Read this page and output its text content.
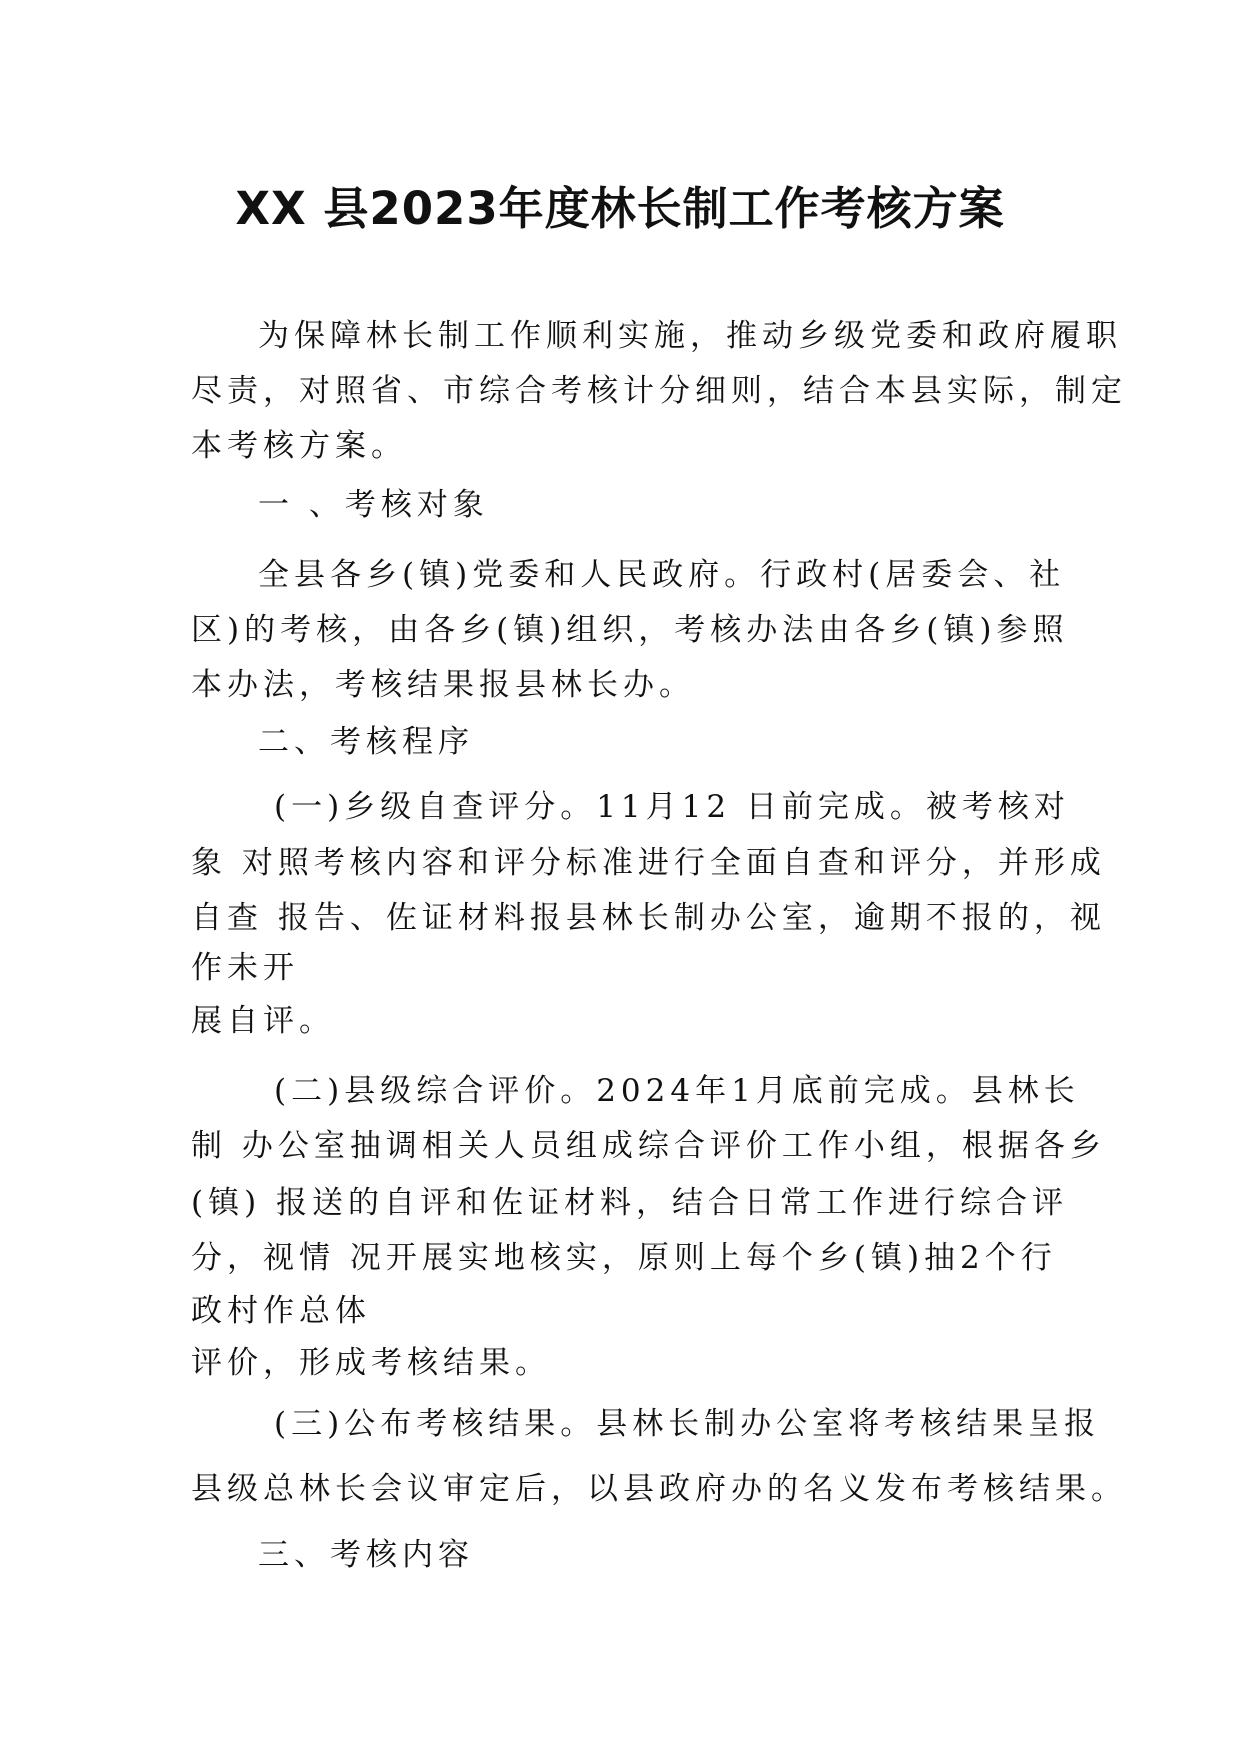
XX 县2023年度林长制工作考核方案

为保障林长制工作顺利实施，推动乡级党委和政府履职

尽责，对照省、市综合考核计分细则，结合本县实际，制定

本考核方案。

一 、考核对象

全县各乡(镇)党委和人民政府。行政村(居委会、社

区)的考核，由各乡(镇)组织，考核办法由各乡(镇)参照

本办法，考核结果报县林长办。

二、考核程序

(一)乡级自查评分。11月12 日前完成。被考核对

象 对照考核内容和评分标准进行全面自查和评分，并形成

自查 报告、佐证材料报县林长制办公室，逾期不报的，视

作未开

展自评。

(二)县级综合评价。2024年1月底前完成。县林长

制 办公室抽调相关人员组成综合评价工作小组，根据各乡

(镇) 报送的自评和佐证材料，结合日常工作进行综合评

分，视情 况开展实地核实，原则上每个乡(镇)抽2个行

政村作总体

评价，形成考核结果。

(三)公布考核结果。县林长制办公室将考核结果呈报

县级总林长会议审定后，以县政府办的名义发布考核结果。

三、考核内容
